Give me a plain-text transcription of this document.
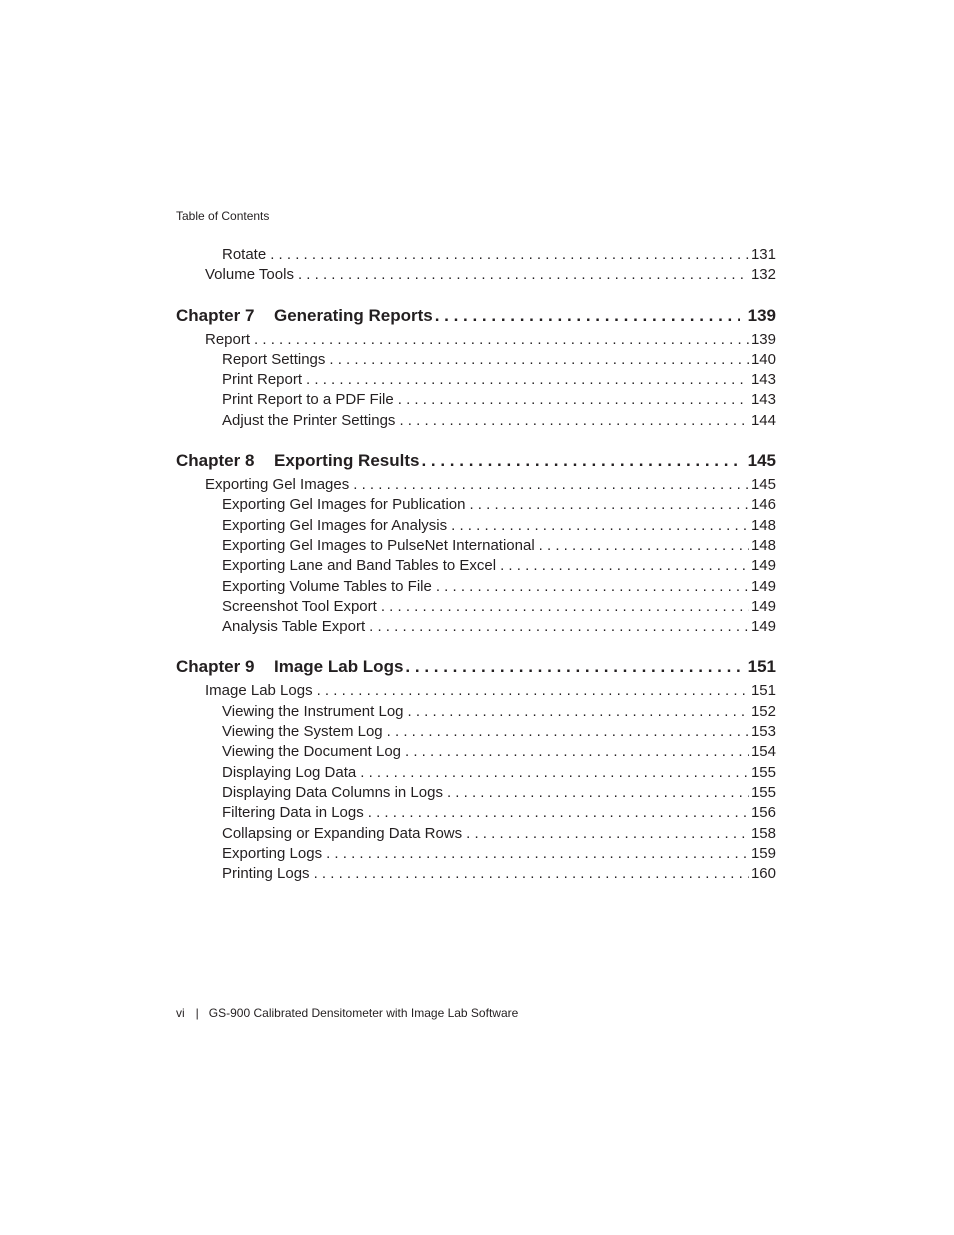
Table of Contents
Rotate . . .	131
Volume Tools . . .	132
Chapter 7	Generating Reports . . .	139
Report . . .	139
Report Settings . . .	140
Print Report . . .	143
Print Report to a PDF File . . .	143
Adjust the Printer Settings . . .	144
Chapter 8	Exporting Results . . .	145
Exporting Gel Images . . .	145
Exporting Gel Images for Publication . . .	146
Exporting Gel Images for Analysis . . .	148
Exporting Gel Images to PulseNet International . . .	148
Exporting Lane and Band Tables to Excel . . .	149
Exporting Volume Tables to File . . .	149
Screenshot Tool Export . . .	149
Analysis Table Export . . .	149
Chapter 9	Image Lab Logs . . .	151
Image Lab Logs . . .	151
Viewing the Instrument Log . . .	152
Viewing the System Log . . .	153
Viewing the Document Log . . .	154
Displaying Log Data . . .	155
Displaying Data Columns in Logs . . .	155
Filtering Data in Logs . . .	156
Collapsing or Expanding Data Rows . . .	158
Exporting Logs . . .	159
Printing Logs . . .	160
vi | GS-900 Calibrated Densitometer with Image Lab Software
